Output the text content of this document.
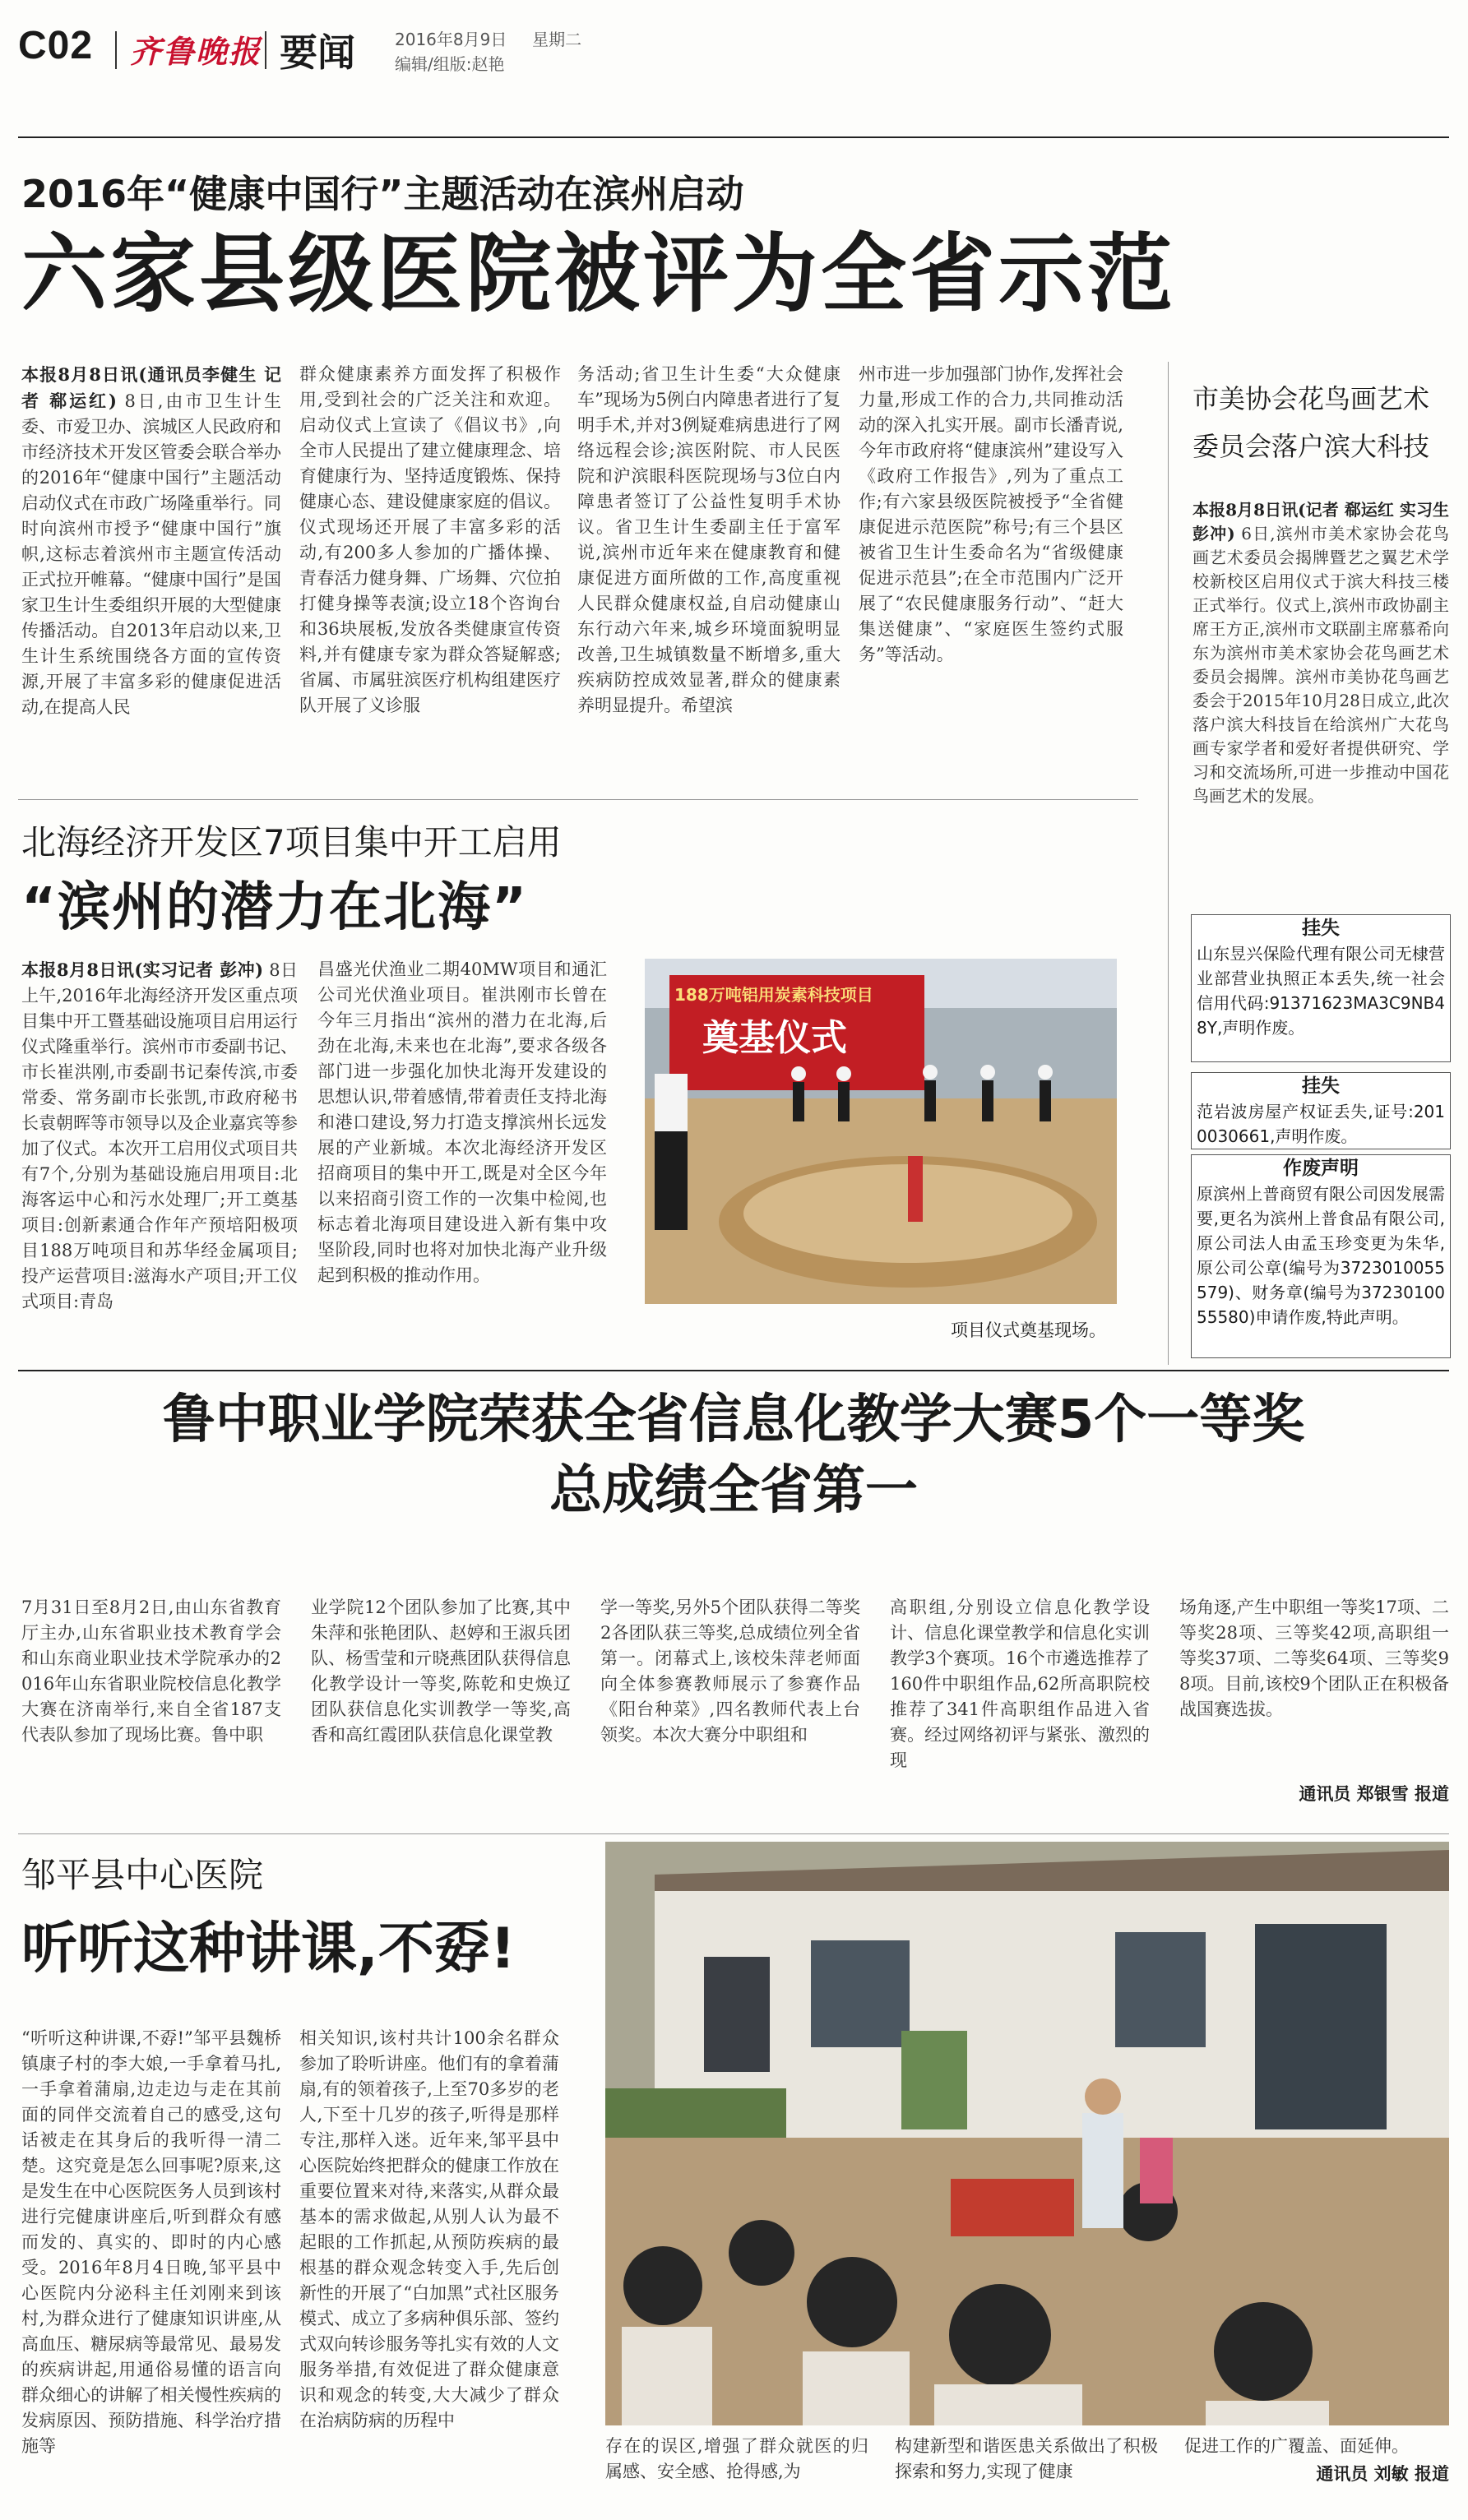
C02 齐鲁晚报 要闻 2016年8月9日 星期二
编辑/组版:赵艳
2016年“健康中国行”主题活动在滨州启动
六家县级医院被评为全省示范
本报8月8日讯(通讯员李健生 记者 郗运红) 8日,由市卫生计生委、市爱卫办、滨城区人民政府和市经济技术开发区管委会联合举办的2016年“健康中国行”主题活动启动仪式在市政广场隆重举行。同时向滨州市授予“健康中国行”旗帜,这标志着滨州市主题宣传活动正式拉开帷幕。“健康中国行”是国家卫生计生委组织开展的大型健康传播活动。自2013年启动以来,卫生计生系统围绕各方面的宣传资源,开展了丰富多彩的健康促进活动,在提高人民
群众健康素养方面发挥了积极作用,受到社会的广泛关注和欢迎。启动仪式上宣读了《倡议书》,向全市人民提出了建立健康理念、培育健康行为、坚持适度锻炼、保持健康心态、建设健康家庭的倡议。仪式现场还开展了丰富多彩的活动,有200多人参加的广播体操、青春活力健身舞、广场舞、穴位拍打健身操等表演;设立18个咨询台和36块展板,发放各类健康宣传资料,并有健康专家为群众答疑解惑;省属、市属驻滨医疗机构组建医疗队开展了义诊服
务活动;省卫生计生委“大众健康车”现场为5例白内障患者进行了复明手术,并对3例疑难病患进行了网络远程会诊;滨医附院、市人民医院和沪滨眼科医院现场与3位白内障患者签订了公益性复明手术协议。省卫生计生委副主任于富军说,滨州市近年来在健康教育和健康促进方面所做的工作,高度重视人民群众健康权益,自启动健康山东行动六年来,城乡环境面貌明显改善,卫生城镇数量不断增多,重大疾病防控成效显著,群众的健康素养明显提升。希望滨
州市进一步加强部门协作,发挥社会力量,形成工作的合力,共同推动活动的深入扎实开展。副市长潘青说,今年市政府将“健康滨州”建设写入《政府工作报告》,列为了重点工作;有六家县级医院被授予“全省健康促进示范医院”称号;有三个县区被省卫生计生委命名为“省级健康促进示范县”;在全市范围内广泛开展了“农民健康服务行动”、“赶大集送健康”、“家庭医生签约式服务”等活动。
市美协会花鸟画艺术
委员会落户滨大科技
本报8月8日讯(记者 郗运红 实习生 彭冲) 6日,滨州市美术家协会花鸟画艺术委员会揭牌暨艺之翼艺术学校新校区启用仪式于滨大科技三楼正式举行。仪式上,滨州市政协副主席王方正,滨州市文联副主席慕希向东为滨州市美术家协会花鸟画艺术委员会揭牌。滨州市美协花鸟画艺委会于2015年10月28日成立,此次落户滨大科技旨在给滨州广大花鸟画专家学者和爱好者提供研究、学习和交流场所,可进一步推动中国花鸟画艺术的发展。
挂失
山东昱兴保险代理有限公司无棣营业部营业执照正本丢失,统一社会信用代码:91371623MA3C9NB48Y,声明作废。
挂失
范岩波房屋产权证丢失,证号:2010030661,声明作废。
作废声明
原滨州上普商贸有限公司因发展需要,更名为滨州上普食品有限公司,原公司法人由孟玉珍变更为朱华,原公司公章(编号为3723010055579)、财务章(编号为3723010055580)申请作废,特此声明。
北海经济开发区7项目集中开工启用
“滨州的潜力在北海”
本报8月8日讯(实习记者 彭冲) 8日上午,2016年北海经济开发区重点项目集中开工暨基础设施项目启用运行仪式隆重举行。滨州市市委副书记、市长崔洪刚,市委副书记秦传滨,市委常委、常务副市长张凯,市政府秘书长袁朝晖等市领导以及企业嘉宾等参加了仪式。本次开工启用仪式项目共有7个,分别为基础设施启用项目:北海客运中心和污水处理厂;开工奠基项目:创新素通合作年产预培阳极项目188万吨项目和苏华经金属项目;投产运营项目:滋海水产项目;开工仪式项目:青岛
昌盛光伏渔业二期40MW项目和通汇公司光伏渔业项目。崔洪刚市长曾在今年三月指出“滨州的潜力在北海,后劲在北海,未来也在北海”,要求各级各部门进一步强化加快北海开发建设的思想认识,带着感情,带着责任支持北海和港口建设,努力打造支撑滨州长远发展的产业新城。本次北海经济开发区招商项目的集中开工,既是对全区今年以来招商引资工作的一次集中检阅,也标志着北海项目建设进入新有集中攻坚阶段,同时也将对加快北海产业升级起到积极的推动作用。
188万吨铝用炭素科技项目
奠基仪式
项目仪式奠基现场。
鲁中职业学院荣获全省信息化教学大赛5个一等奖
总成绩全省第一
7月31日至8月2日,由山东省教育厅主办,山东省职业技术教育学会和山东商业职业技术学院承办的2016年山东省职业院校信息化教学大赛在济南举行,来自全省187支代表队参加了现场比赛。鲁中职
业学院12个团队参加了比赛,其中朱萍和张艳团队、赵婷和王淑兵团队、杨雪莹和亓晓燕团队获得信息化教学设计一等奖,陈乾和史焕辽团队获信息化实训教学一等奖,高香和高红霞团队获信息化课堂教
学一等奖,另外5个团队获得二等奖2各团队获三等奖,总成绩位列全省第一。闭幕式上,该校朱萍老师面向全体参赛教师展示了参赛作品《阳台种菜》,四名教师代表上台领奖。本次大赛分中职组和
高职组,分别设立信息化教学设计、信息化课堂教学和信息化实训教学3个赛项。16个市遴选推荐了160件中职组作品,62所高职院校推荐了341件高职组作品进入省赛。经过网络初评与紧张、激烈的现
场角逐,产生中职组一等奖17项、二等奖28项、三等奖42项,高职组一等奖37项、二等奖64项、三等奖98项。目前,该校9个团队正在积极备战国赛选拔。
通讯员 郑银雪 报道
邹平县中心医院
听听这种讲课,不孬!
“听听这种讲课,不孬!”邹平县魏桥镇康子村的李大娘,一手拿着马扎,一手拿着蒲扇,边走边与走在其前面的同伴交流着自己的感受,这句话被走在其身后的我听得一清二楚。这究竟是怎么回事呢?原来,这是发生在中心医院医务人员到该村进行完健康讲座后,听到群众有感而发的、真实的、即时的内心感受。2016年8月4日晚,邹平县中心医院内分泌科主任刘刚来到该村,为群众进行了健康知识讲座,从高血压、糖尿病等最常见、最易发的疾病讲起,用通俗易懂的语言向群众细心的讲解了相关慢性疾病的发病原因、预防措施、科学治疗措施等
相关知识,该村共计100余名群众参加了聆听讲座。他们有的拿着蒲扇,有的领着孩子,上至70多岁的老人,下至十几岁的孩子,听得是那样专注,那样入迷。近年来,邹平县中心医院始终把群众的健康工作放在重要位置来对待,来落实,从群众最基本的需求做起,从别人认为最不起眼的工作抓起,从预防疾病的最根基的群众观念转变入手,先后创新性的开展了“白加黑”式社区服务模式、成立了多病种俱乐部、签约式双向转诊服务等扎实有效的人文服务举措,有效促进了群众健康意识和观念的转变,大大减少了群众在治病防病的历程中
存在的误区,增强了群众就医的归属感、安全感、抢得感,为
构建新型和谐医患关系做出了积极探索和努力,实现了健康
促进工作的广覆盖、面延伸。
通讯员 刘敏 报道
